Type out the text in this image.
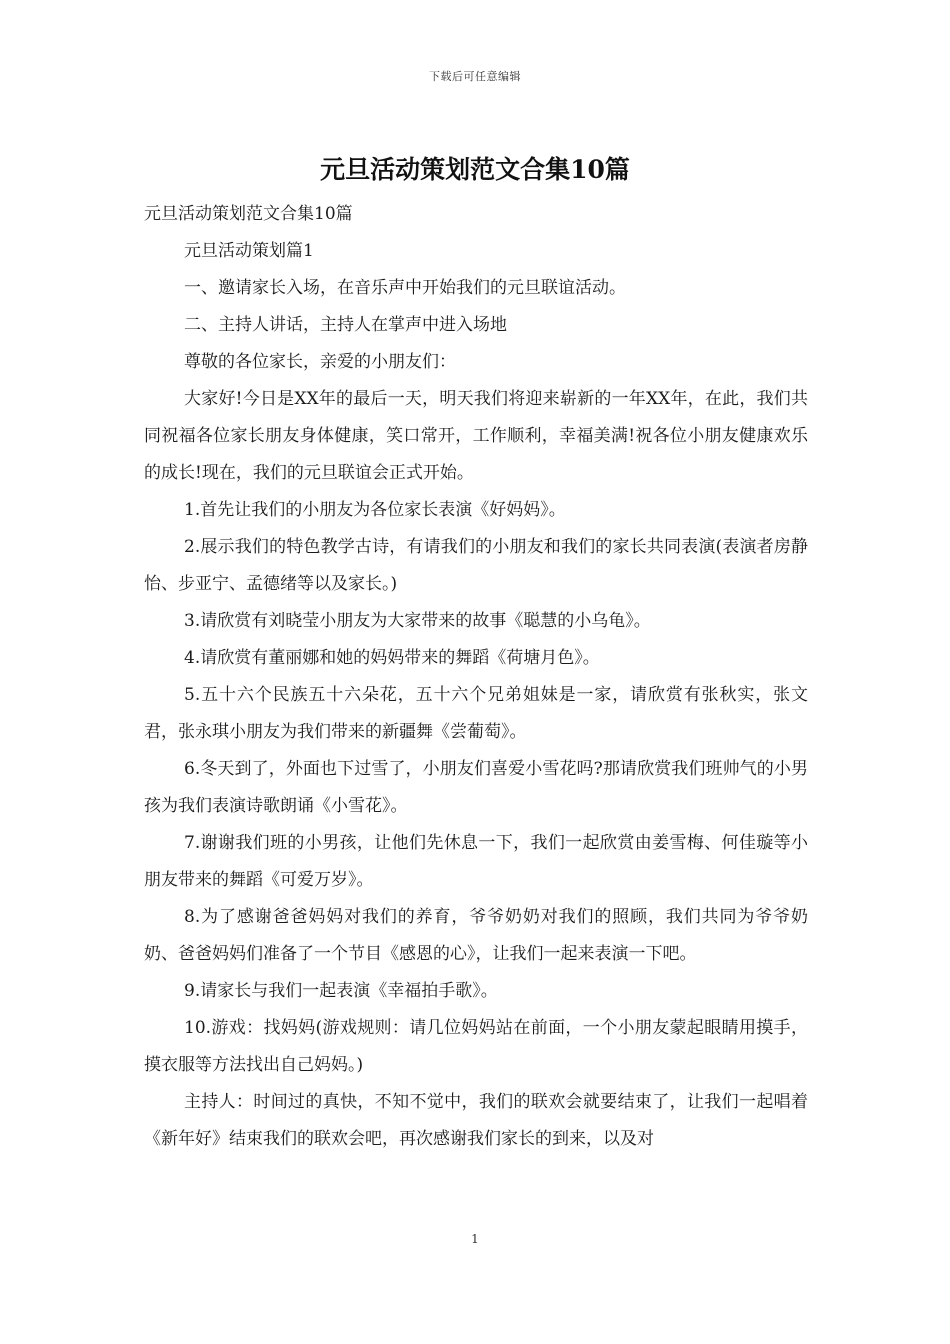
下载后可任意编辑
元旦活动策划范文合集10篇

元旦活动策划范文合集10篇

元旦活动策划篇1

一、邀请家长入场，在音乐声中开始我们的元旦联谊活动。

二、主持人讲话，主持人在掌声中进入场地

尊敬的各位家长，亲爱的小朋友们：

大家好!今日是XX年的最后一天，明天我们将迎来崭新的一年XX年，在此，我们共同祝福各位家长朋友身体健康，笑口常开，工作顺利，幸福美满!祝各位小朋友健康欢乐的成长!现在，我们的元旦联谊会正式开始。

1.首先让我们的小朋友为各位家长表演《好妈妈》。

2.展示我们的特色教学古诗，有请我们的小朋友和我们的家长共同表演(表演者房静怡、步亚宁、孟德绪等以及家长。)

3.请欣赏有刘晓莹小朋友为大家带来的故事《聪慧的小乌龟》。

4.请欣赏有董丽娜和她的妈妈带来的舞蹈《荷塘月色》。

5.五十六个民族五十六朵花，五十六个兄弟姐妹是一家，请欣赏有张秋实，张文君，张永琪小朋友为我们带来的新疆舞《尝葡萄》。

6.冬天到了，外面也下过雪了，小朋友们喜爱小雪花吗?那请欣赏我们班帅气的小男孩为我们表演诗歌朗诵《小雪花》。

7.谢谢我们班的小男孩，让他们先休息一下，我们一起欣赏由姜雪梅、何佳璇等小朋友带来的舞蹈《可爱万岁》。

8.为了感谢爸爸妈妈对我们的养育，爷爷奶奶对我们的照顾，我们共同为爷爷奶奶、爸爸妈妈们准备了一个节目《感恩的心》，让我们一起来表演一下吧。

9.请家长与我们一起表演《幸福拍手歌》。

10.游戏：找妈妈(游戏规则：请几位妈妈站在前面，一个小朋友蒙起眼睛用摸手，摸衣服等方法找出自己妈妈。)

主持人：时间过的真快，不知不觉中，我们的联欢会就要结束了，让我们一起唱着《新年好》结束我们的联欢会吧，再次感谢我们家长的到来，以及对

1
